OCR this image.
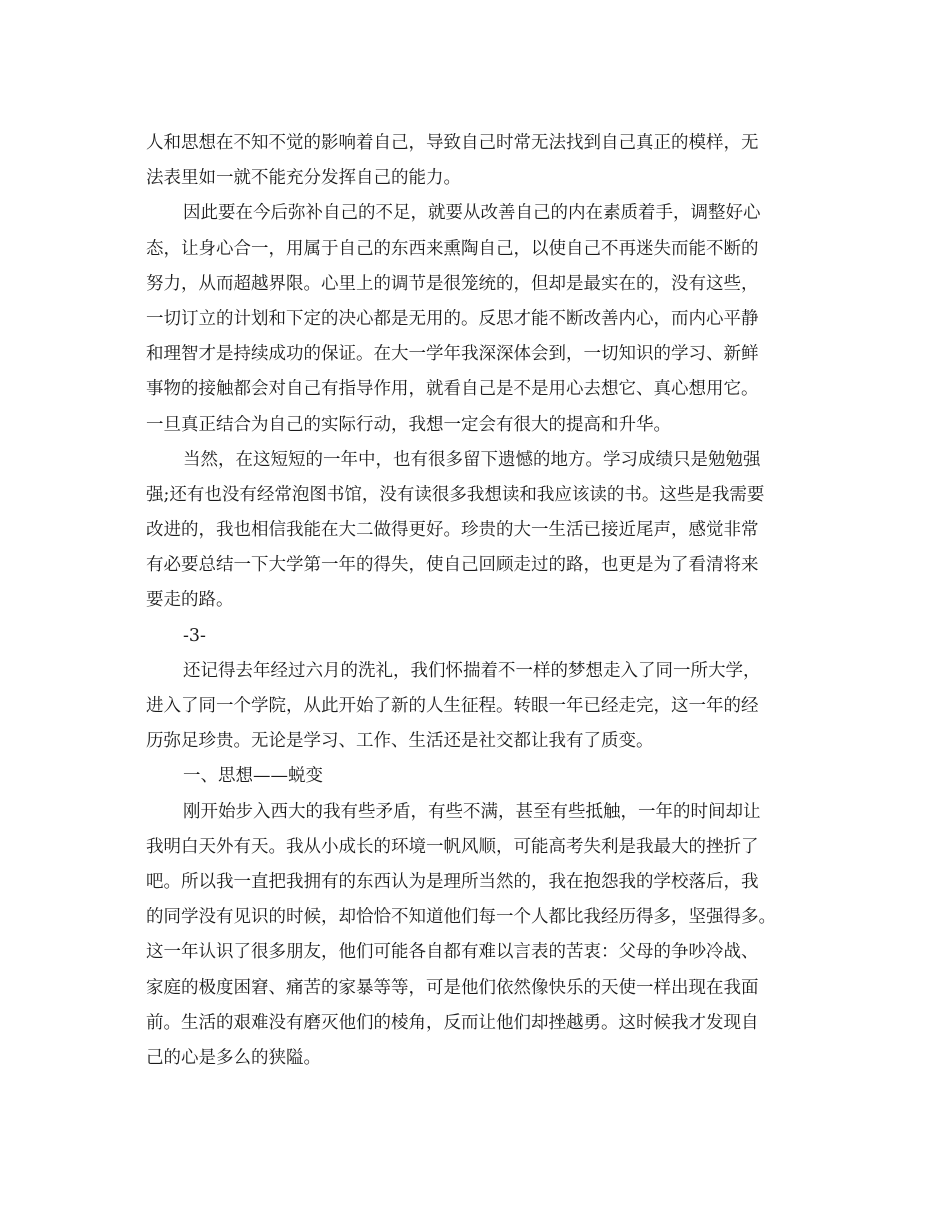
人和思想在不知不觉的影响着自己，导致自己时常无法找到自己真正的模样，无
法表里如一就不能充分发挥自己的能力。
因此要在今后弥补自己的不足，就要从改善自己的内在素质着手，调整好心
态，让身心合一，用属于自己的东西来熏陶自己，以使自己不再迷失而能不断的
努力，从而超越界限。心里上的调节是很笼统的，但却是最实在的，没有这些，
一切订立的计划和下定的决心都是无用的。反思才能不断改善内心，而内心平静
和理智才是持续成功的保证。在大一学年我深深体会到，一切知识的学习、新鲜
事物的接触都会对自己有指导作用，就看自己是不是用心去想它、真心想用它。
一旦真正结合为自己的实际行动，我想一定会有很大的提高和升华。
当然，在这短短的一年中，也有很多留下遗憾的地方。学习成绩只是勉勉强
强;还有也没有经常泡图书馆，没有读很多我想读和我应该读的书。这些是我需要
改进的，我也相信我能在大二做得更好。珍贵的大一生活已接近尾声，感觉非常
有必要总结一下大学第一年的得失，使自己回顾走过的路，也更是为了看清将来
要走的路。
-3-
还记得去年经过六月的洗礼，我们怀揣着不一样的梦想走入了同一所大学，
进入了同一个学院，从此开始了新的人生征程。转眼一年已经走完，这一年的经
历弥足珍贵。无论是学习、工作、生活还是社交都让我有了质变。
一、思想——蜕变
刚开始步入西大的我有些矛盾，有些不满，甚至有些抵触，一年的时间却让
我明白天外有天。我从小成长的环境一帆风顺，可能高考失利是我最大的挫折了
吧。所以我一直把我拥有的东西认为是理所当然的，我在抱怨我的学校落后，我
的同学没有见识的时候，却恰恰不知道他们每一个人都比我经历得多，坚强得多。
这一年认识了很多朋友，他们可能各自都有难以言表的苦衷：父母的争吵冷战、
家庭的极度困窘、痛苦的家暴等等，可是他们依然像快乐的天使一样出现在我面
前。生活的艰难没有磨灭他们的棱角，反而让他们却挫越勇。这时候我才发现自
己的心是多么的狭隘。
